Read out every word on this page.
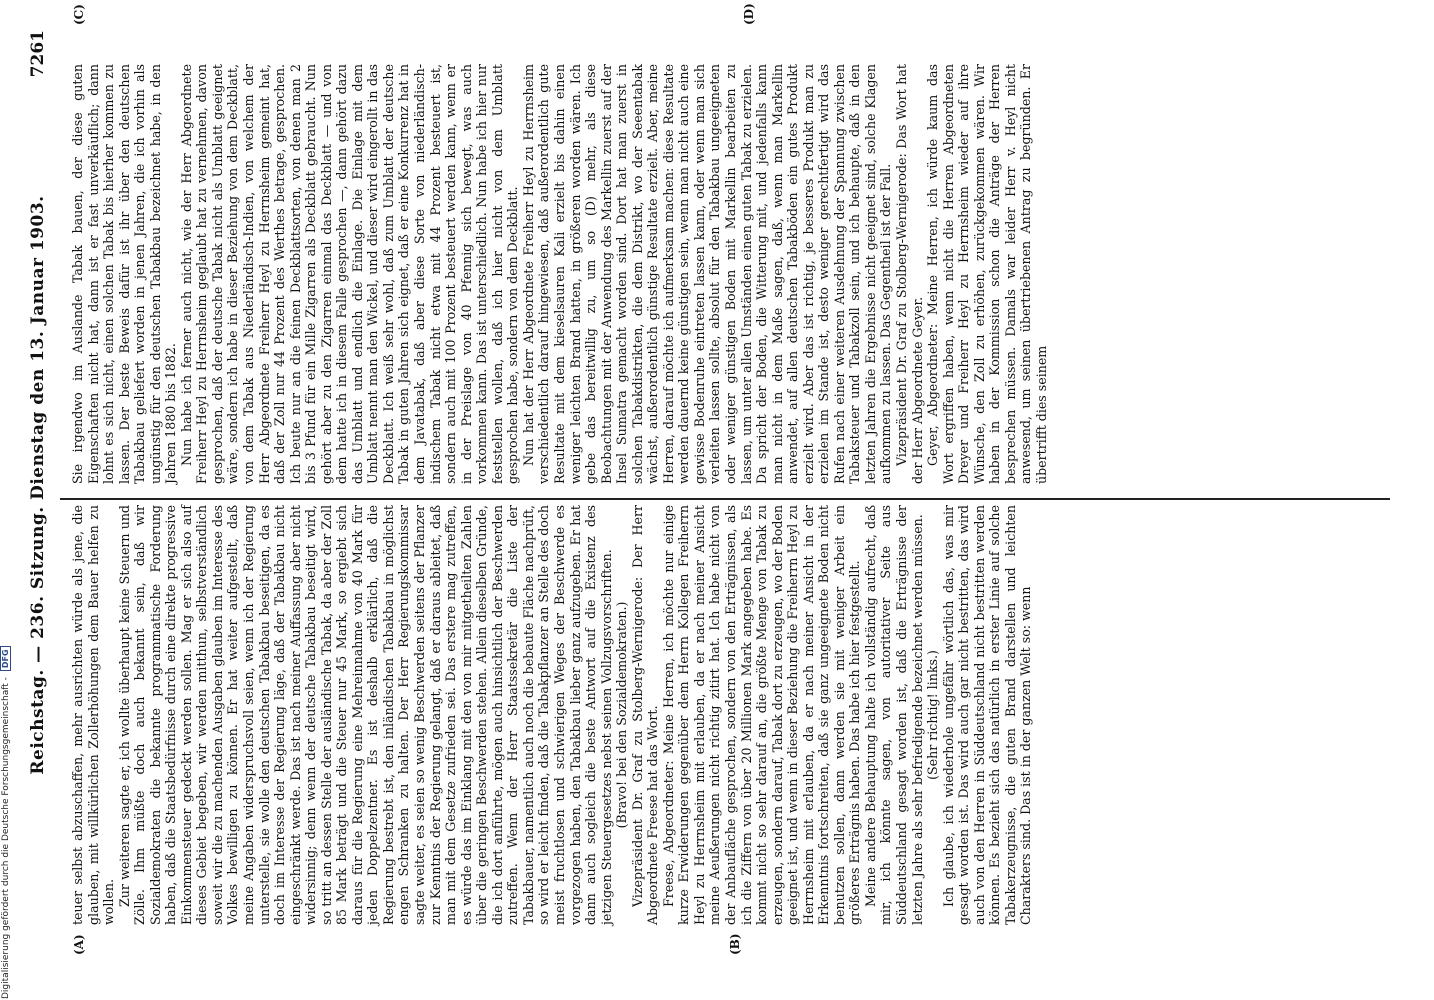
Reichstag. — 236. Sitzung. Dienstag den 13. Januar 1903.
7261
(A)	(B)
(C)	(D)

teuer selbst abzuschaffen, mehr ausrichten würde als jene, die glauben, mit willkürlichen Zollerhöhungen dem Bauer helfen zu wollen. Zur weiteren sagte er, ich wollte überhaupt keine Steuern und Zölle. Ihm müßte doch auch bekannt sein, daß wir Sozialdemokraten die bekannte programmatische Forderung haben, daß die Staatsbedürfnisse durch eine direkte progressive Einkommensteuer gedeckt werden sollen. Mag er sich also auf dieses Gebiet begeben, wir werden mitthun, selbstverständlich soweit wir die zu machenden Ausgaben glauben im Interesse des Volkes bewilligen zu können. Er hat weiter aufgestellt, daß meine Angaben widerspruchsvoll seien, wenn ich der Regierung unterstelle, sie wolle den deutschen Tabakbau beseitigen, da es doch im Interesse der Regierung läge, daß der Tabakbau nicht eingeschränkt werde. Das ist nach meiner Auffassung aber nicht widersinnig; denn wenn der deutsche Tabakbau beseitigt wird, so tritt an dessen Stelle der ausländische Tabak, da aber der Zoll 85 Mark beträgt und die Steuer nur 45 Mark, so ergiebt sich daraus für die Regierung eine Mehreinnahme von 40 Mark für jeden Doppelzentner. Es ist deshalb erklärlich, daß die Regierung bestrebt ist, den inländischen Tabakbau in möglichst engen Schranken zu halten. Der Herr Regierungskommissar sagte weiter, es seien so wenig Beschwerden seitens der Pflanzer zur Kenntnis der Regierung gelangt, daß er daraus ableitet, daß man mit dem Gesetze zufrieden sei. Das erstere mag zutreffen, es würde das im Einklang mit den von mir mitgetheilten Zahlen über die geringen Beschwerden stehen. Allein dieselben Gründe, die ich dort anführte, mögen auch hinsichtlich der Beschwerden zutreffen. Wenn der Herr Staatssekretär die Liste der Tabakbauer, namentlich auch noch die bebaute Fläche nachprüft, so wird er leicht finden, daß die Tabakpflanzer an Stelle des doch meist fruchtlosen und schwierigen Weges der Beschwerde es vorgezogen haben, den Tabakbau lieber ganz aufzugeben. Er hat dann auch sogleich die beste Antwort auf die Existenz des jetzigen Steuergesetzes nebst seinen Vollzugsvorschriften. (Bravo! bei den Sozialdemokraten.) Vizepräsident Dr. Graf zu Stolberg-Wernigerode: Der Herr Abgeordnete Freese hat das Wort. Freese, Abgeordneter: Meine Herren, ich möchte nur einige kurze Erwiderungen gegenüber dem Herrn Kollegen Freiherrn Heyl zu Herrnsheim mit erlauben, da er nach meiner Ansicht meine Aeußerungen nicht richtig zitirt hat. Ich habe nicht von der Anbaufläche gesprochen, sondern von den Erträgnissen, als ich die Ziffern von über 20 Millionen Mark angegeben habe. Es kommt nicht so sehr darauf an, die größte Menge von Tabak zu erzeugen, sondern darauf, Tabak dort zu erzeugen, wo der Boden geeignet ist, und wenn in dieser Beziehung die Freiherrn Heyl zu Herrnsheim mit erlauben, da er nach meiner Ansicht in der Erkenntnis fortschreiten, daß sie ganz ungeeignete Boden nicht benutzen sollen, dann werden sie mit weniger Arbeit ein größeres Erträgnis haben. Das habe ich hier festgestellt. Meine andere Behauptung halte ich vollständig aufrecht, daß mir, ich könnte sagen, von autoritativer Seite aus Süddeutschland gesagt worden ist, daß die Erträgnisse der letzten Jahre als sehr befriedigende bezeichnet werden müssen. (Sehr richtig! links.) Ich glaube, ich wiederhole ungefähr wörtlich das, was mir gesagt worden ist. Das wird auch gar nicht bestritten, das wird auch von den Herren in Süddeutschland nicht bestritten werden können. Es bezieht sich das natürlich in erster Linie auf solche Tabakerzeugnisse, die guten Brand darstellen und leichten Charakters sind. Das ist in der ganzen Welt so: wenn

Sie irgendwo im Auslande Tabak bauen, der diese guten Eigenschaften nicht hat, dann ist er fast unverkäuflich; dann lohnt es sich nicht, einen solchen Tabak bis hierher kommen zu lassen. Der beste Beweis dafür ist ihr über den deutschen Tabakbau geliefert worden in jenen Jahren, die ich vorhin als ungünstig für den deutschen Tabakbau bezeichnet habe, in den Jahren 1880 bis 1882. Nun habe ich ferner auch nicht, wie der Herr Abgeordnete Freiherr Heyl zu Herrnsheim geglaubt hat zu vernehmen, davon gesprochen, daß der deutsche Tabak nicht als Umblatt geeignet wäre, sondern ich habe in dieser Beziehung von dem Deckblatt, von dem Tabak aus Niederländisch-Indien, von welchem der Herr Abgeordnete Freiherr Heyl zu Herrnsheim gemeint hat, daß der Zoll nur 44 Prozent des Werthes betrage, gesprochen. Ich beute nur an die feinen Deckblattsorten, von denen man 2 bis 3 Pfund für ein Mille Zigarren als Deckblatt gebraucht. Nun gehört aber zu den Zigarren einmal das Deckblatt — und von dem hatte ich in diesem Falle gesprochen —, dann gehört dazu das Umblatt und endlich die Einlage. Die Einlage mit dem Umblatt nennt man den Wickel, und dieser wird eingerollt in das Deckblatt. Ich weiß sehr wohl, daß zum Umblatt der deutsche Tabak in guten Jahren sich eignet, daß er eine Konkurrenz hat in dem Javatabak, daß aber diese Sorte von niederländisch-indischem Tabak nicht etwa mit 44 Prozent besteuert ist, sondern auch mit 100 Prozent besteuert werden kann, wenn er in der Preislage von 40 Pfennig sich bewegt, was auch vorkommen kann. Das ist unterschiedlich. Nun habe ich hier nur feststellen wollen, daß ich hier nicht von dem Umblatt gesprochen habe, sondern von dem Deckblatt. Nun hat der Herr Abgeordnete Freiherr Heyl zu Herrnsheim verschiedentlich darauf hingewiesen, daß außerordentlich gute Resultate mit dem kieselsauren Kali erzielt bis dahin einen weniger leichten Brand hatten, in größeren worden wären. Ich gebe das bereitwillig zu, um so (D) mehr, als diese Beobachtungen mit der Anwendung des Markellin zuerst auf der Insel Sumatra gemacht worden sind. Dort hat man zuerst in solchen Tabakdistrikten, die dem Distrikt, wo der Seeentabak wächst, außerordentlich günstige Resultate erzielt. Aber, meine Herren, darauf möchte ich aufmerksam machen: diese Resultate werden dauernd keine günstigen sein, wenn man nicht auch eine gewisse Bodenruhe eintreten lassen kann, oder wenn man sich verleiten lassen sollte, absolut für den Tabakbau ungeeigneten oder weniger günstigen Boden mit Markellin bearbeiten zu lassen, um unter allen Umständen einen guten Tabak zu erzielen. Da spricht der Boden, die Witterung mit, und jedenfalls kann man nicht in dem Maße sagen, daß, wenn man Markellin anwendet, auf allen deutschen Tabakböden ein gutes Produkt erzielt wird. Aber das ist richtig, je besseres Produkt man zu erzielen im Stande ist, desto weniger gerechtfertigt wird das Rufen nach einer weiteren Ausdehnung der Spannung zwischen Tabaksteuer und Tabakzoll sein, und ich behaupte, daß in den letzten Jahren die Ergebnisse nicht geeignet sind, solche Klagen aufkommen zu lassen. Das Gegentheil ist der Fall. Vizepräsident Dr. Graf zu Stolberg-Wernigerode: Das Wort hat der Herr Abgeordnete Geyer. Geyer, Abgeordneter: Meine Herren, ich würde kaum das Wort ergriffen haben, wenn nicht die Herren Abgeordneten Dreyer und Freiherr Heyl zu Herrnsheim wieder auf ihre Wünsche, den Zoll zu erhöhen, zurückgekommen wären. Wir haben in der Kommission schon die Anträge der Herren besprechen müssen. Damals war leider Herr v. Heyl nicht anwesend, um seinen übertriebenen Antrag zu begründen. Er übertrifft dies seinem

Digitalisierung gefördert durch die Deutsche Forschungsgemeinschaft -DFG
